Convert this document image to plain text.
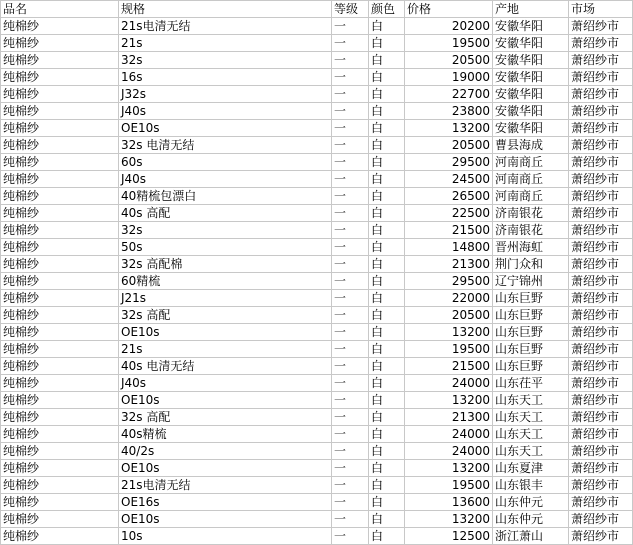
品名	规格	等级	颜色	价格	产地	市场
纯棉纱	21s电清无结	一	白	20200	安徽华阳	萧绍纱市
纯棉纱	21s	一	白	19500	安徽华阳	萧绍纱市
纯棉纱	32s	一	白	20500	安徽华阳	萧绍纱市
纯棉纱	16s	一	白	19000	安徽华阳	萧绍纱市
纯棉纱	J32s	一	白	22700	安徽华阳	萧绍纱市
纯棉纱	J40s	一	白	23800	安徽华阳	萧绍纱市
纯棉纱	OE10s	一	白	13200	安徽华阳	萧绍纱市
纯棉纱	32s 电清无结	一	白	20500	曹县海成	萧绍纱市
纯棉纱	60s	一	白	29500	河南商丘	萧绍纱市
纯棉纱	J40s	一	白	24500	河南商丘	萧绍纱市
纯棉纱	40精梳包漂白	一	白	26500	河南商丘	萧绍纱市
纯棉纱	40s 高配	一	白	22500	济南银花	萧绍纱市
纯棉纱	32s	一	白	21500	济南银花	萧绍纱市
纯棉纱	50s	一	白	14800	晋州海虹	萧绍纱市
纯棉纱	32s 高配棉	一	白	21300	荆门众和	萧绍纱市
纯棉纱	60精梳	一	白	29500	辽宁锦州	萧绍纱市
纯棉纱	J21s	一	白	22000	山东巨野	萧绍纱市
纯棉纱	32s 高配	一	白	20500	山东巨野	萧绍纱市
纯棉纱	OE10s	一	白	13200	山东巨野	萧绍纱市
纯棉纱	21s	一	白	19500	山东巨野	萧绍纱市
纯棉纱	40s 电清无结	一	白	21500	山东巨野	萧绍纱市
纯棉纱	J40s	一	白	24000	山东茌平	萧绍纱市
纯棉纱	OE10s	一	白	13200	山东天工	萧绍纱市
纯棉纱	32s 高配	一	白	21300	山东天工	萧绍纱市
纯棉纱	40s精梳	一	白	24000	山东天工	萧绍纱市
纯棉纱	40/2s	一	白	24000	山东天工	萧绍纱市
纯棉纱	OE10s	一	白	13200	山东夏津	萧绍纱市
纯棉纱	21s电清无结	一	白	19500	山东银丰	萧绍纱市
纯棉纱	OE16s	一	白	13600	山东仲元	萧绍纱市
纯棉纱	OE10s	一	白	13200	山东仲元	萧绍纱市
纯棉纱	10s	一	白	12500	浙江萧山	萧绍纱市
